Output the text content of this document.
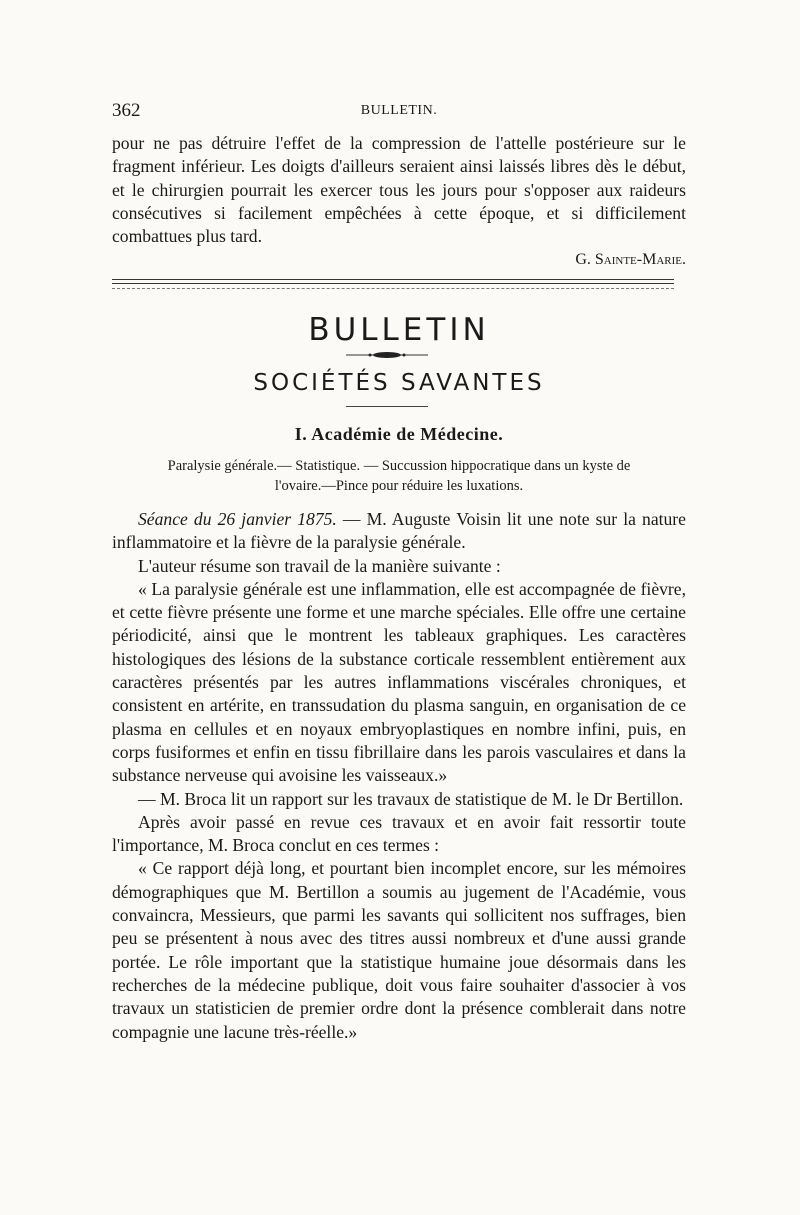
362	BULLETIN.

pour ne pas détruire l'effet de la compression de l'attelle postérieure sur le fragment inférieur. Les doigts d'ailleurs seraient ainsi laissés libres dès le début, et le chirurgien pourrait les exercer tous les jours pour s'opposer aux raideurs consécutives si facilement empêchées à cette époque, et si difficilement combattues plus tard.

G. Sainte-Marie.
BULLETIN
SOCIÉTÉS SAVANTES
I. Académie de Médecine.
Paralysie générale.— Statistique. — Succussion hippocratique dans un kyste de
l'ovaire.—Pince pour réduire les luxations.

Séance du 26 janvier 1875. — M. Auguste Voisin lit une note sur la nature inflammatoire et la fièvre de la paralysie générale.

L'auteur résume son travail de la manière suivante :

« La paralysie générale est une inflammation, elle est accompagnée de fièvre, et cette fièvre présente une forme et une marche spéciales. Elle offre une certaine périodicité, ainsi que le montrent les tableaux graphiques. Les caractères histologiques des lésions de la substance corticale ressemblent entièrement aux caractères présentés par les autres inflammations viscérales chroniques, et consistent en artérite, en transsudation du plasma sanguin, en organisation de ce plasma en cellules et en noyaux embryoplastiques en nombre infini, puis, en corps fusiformes et enfin en tissu fibrillaire dans les parois vasculaires et dans la substance nerveuse qui avoisine les vaisseaux.»

— M. Broca lit un rapport sur les travaux de statistique de M. le Dr Bertillon.

Après avoir passé en revue ces travaux et en avoir fait ressortir toute l'importance, M. Broca conclut en ces termes :

« Ce rapport déjà long, et pourtant bien incomplet encore, sur les mémoires démographiques que M. Bertillon a soumis au jugement de l'Académie, vous convaincra, Messieurs, que parmi les savants qui sollicitent nos suffrages, bien peu se présentent à nous avec des titres aussi nombreux et d'une aussi grande portée. Le rôle important que la statistique humaine joue désormais dans les recherches de la médecine publique, doit vous faire souhaiter d'associer à vos travaux un statisticien de premier ordre dont la présence comblerait dans notre compagnie une lacune très-réelle.»
